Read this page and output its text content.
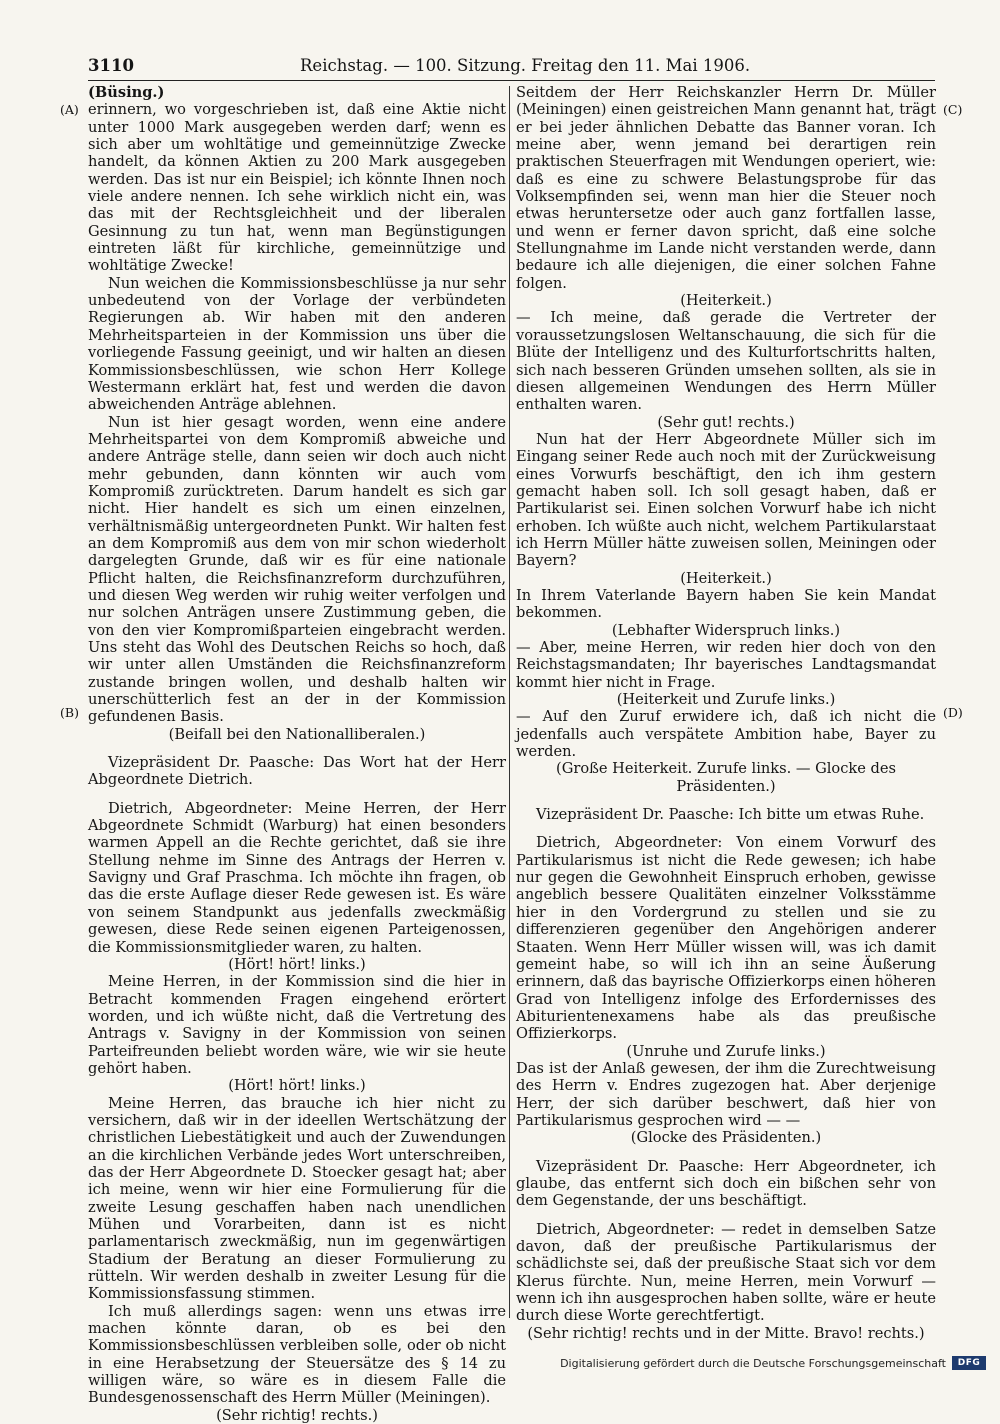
3110	Reichstag. — 100. Sitzung. Freitag den 11. Mai 1906.
(A)
(B)
(C)
(D)

(Büsing.)

erinnern, wo vorgeschrieben ist, daß eine Aktie nicht unter 1000 Mark ausgegeben werden darf; wenn es sich aber um wohltätige und gemeinnützige Zwecke handelt, da können Aktien zu 200 Mark ausgegeben werden. Das ist nur ein Beispiel; ich könnte Ihnen noch viele andere nennen. Ich sehe wirklich nicht ein, was das mit der Rechtsgleichheit und der liberalen Gesinnung zu tun hat, wenn man Begünstigungen eintreten läßt für kirchliche, gemeinnützige und wohltätige Zwecke!

Nun weichen die Kommissionsbeschlüsse ja nur sehr unbedeutend von der Vorlage der verbündeten Regierungen ab. Wir haben mit den anderen Mehrheitsparteien in der Kommission uns über die vorliegende Fassung geeinigt, und wir halten an diesen Kommissionsbeschlüssen, wie schon Herr Kollege Westermann erklärt hat, fest und werden die davon abweichenden Anträge ablehnen.

Nun ist hier gesagt worden, wenn eine andere Mehrheitspartei von dem Kompromiß abweiche und andere Anträge stelle, dann seien wir doch auch nicht mehr gebunden, dann könnten wir auch vom Kompromiß zurücktreten. Darum handelt es sich gar nicht. Hier handelt es sich um einen einzelnen, verhältnismäßig untergeordneten Punkt. Wir halten fest an dem Kompromiß aus dem von mir schon wiederholt dargelegten Grunde, daß wir es für eine nationale Pflicht halten, die Reichsfinanzreform durchzuführen, und diesen Weg werden wir ruhig weiter verfolgen und nur solchen Anträgen unsere Zustimmung geben, die von den vier Kompromißparteien eingebracht werden. Uns steht das Wohl des Deutschen Reichs so hoch, daß wir unter allen Umständen die Reichsfinanzreform zustande bringen wollen, und deshalb halten wir unerschütterlich fest an der in der Kommission gefundenen Basis.

(Beifall bei den Nationalliberalen.)

Vizepräsident Dr. Paasche: Das Wort hat der Herr Abgeordnete Dietrich.

Dietrich, Abgeordneter: Meine Herren, der Herr Abgeordnete Schmidt (Warburg) hat einen besonders warmen Appell an die Rechte gerichtet, daß sie ihre Stellung nehme im Sinne des Antrags der Herren v. Savigny und Graf Praschma. Ich möchte ihn fragen, ob das die erste Auflage dieser Rede gewesen ist. Es wäre von seinem Standpunkt aus jedenfalls zweckmäßig gewesen, diese Rede seinen eigenen Parteigenossen, die Kommissionsmitglieder waren, zu halten.

(Hört! hört! links.)

Meine Herren, in der Kommission sind die hier in Betracht kommenden Fragen eingehend erörtert worden, und ich wüßte nicht, daß die Vertretung des Antrags v. Savigny in der Kommission von seinen Parteifreunden beliebt worden wäre, wie wir sie heute gehört haben.

(Hört! hört! links.)

Meine Herren, das brauche ich hier nicht zu versichern, daß wir in der ideellen Wertschätzung der christlichen Liebestätigkeit und auch der Zuwendungen an die kirchlichen Verbände jedes Wort unterschreiben, das der Herr Abgeordnete D. Stoecker gesagt hat; aber ich meine, wenn wir hier eine Formulierung für die zweite Lesung geschaffen haben nach unendlichen Mühen und Vorarbeiten, dann ist es nicht parlamentarisch zweckmäßig, nun im gegenwärtigen Stadium der Beratung an dieser Formulierung zu rütteln. Wir werden deshalb in zweiter Lesung für die Kommissionsfassung stimmen.

Ich muß allerdings sagen: wenn uns etwas irre machen könnte daran, ob es bei den Kommissionsbeschlüssen verbleiben solle, oder ob nicht in eine Herabsetzung der Steuersätze des § 14 zu willigen wäre, so wäre es in diesem Falle die Bundesgenossenschaft des Herrn Müller (Meiningen).

(Sehr richtig! rechts.)

Seitdem der Herr Reichskanzler Herrn Dr. Müller (Meiningen) einen geistreichen Mann genannt hat, trägt er bei jeder ähnlichen Debatte das Banner voran. Ich meine aber, wenn jemand bei derartigen rein praktischen Steuerfragen mit Wendungen operiert, wie: daß es eine zu schwere Belastungsprobe für das Volksempfinden sei, wenn man hier die Steuer noch etwas heruntersetze oder auch ganz fortfallen lasse, und wenn er ferner davon spricht, daß eine solche Stellungnahme im Lande nicht verstanden werde, dann bedaure ich alle diejenigen, die einer solchen Fahne folgen.

(Heiterkeit.)

— Ich meine, daß gerade die Vertreter der voraussetzungslosen Weltanschauung, die sich für die Blüte der Intelligenz und des Kulturfortschritts halten, sich nach besseren Gründen umsehen sollten, als sie in diesen allgemeinen Wendungen des Herrn Müller enthalten waren.

(Sehr gut! rechts.)

Nun hat der Herr Abgeordnete Müller sich im Eingang seiner Rede auch noch mit der Zurückweisung eines Vorwurfs beschäftigt, den ich ihm gestern gemacht haben soll. Ich soll gesagt haben, daß er Partikularist sei. Einen solchen Vorwurf habe ich nicht erhoben. Ich wüßte auch nicht, welchem Partikularstaat ich Herrn Müller hätte zuweisen sollen, Meiningen oder Bayern?

(Heiterkeit.)

In Ihrem Vaterlande Bayern haben Sie kein Mandat bekommen.

(Lebhafter Widerspruch links.)

— Aber, meine Herren, wir reden hier doch von den Reichstagsmandaten; Ihr bayerisches Landtagsmandat kommt hier nicht in Frage.

(Heiterkeit und Zurufe links.)

— Auf den Zuruf erwidere ich, daß ich nicht die jedenfalls auch verspätete Ambition habe, Bayer zu werden.

(Große Heiterkeit. Zurufe links. — Glocke des Präsidenten.)

Vizepräsident Dr. Paasche: Ich bitte um etwas Ruhe.

Dietrich, Abgeordneter: Von einem Vorwurf des Partikularismus ist nicht die Rede gewesen; ich habe nur gegen die Gewohnheit Einspruch erhoben, gewisse angeblich bessere Qualitäten einzelner Volksstämme hier in den Vordergrund zu stellen und sie zu differenzieren gegenüber den Angehörigen anderer Staaten. Wenn Herr Müller wissen will, was ich damit gemeint habe, so will ich ihn an seine Äußerung erinnern, daß das bayrische Offizierkorps einen höheren Grad von Intelligenz infolge des Erfordernisses des Abiturientenexamens habe als das preußische Offizierkorps.

(Unruhe und Zurufe links.)

Das ist der Anlaß gewesen, der ihm die Zurechtweisung des Herrn v. Endres zugezogen hat. Aber derjenige Herr, der sich darüber beschwert, daß hier von Partikularismus gesprochen wird — —

(Glocke des Präsidenten.)

Vizepräsident Dr. Paasche: Herr Abgeordneter, ich glaube, das entfernt sich doch ein bißchen sehr von dem Gegenstande, der uns beschäftigt.

Dietrich, Abgeordneter: — redet in demselben Satze davon, daß der preußische Partikularismus der schädlichste sei, daß der preußische Staat sich vor dem Klerus fürchte. Nun, meine Herren, mein Vorwurf — wenn ich ihn ausgesprochen haben sollte, wäre er heute durch diese Worte gerechtfertigt.

(Sehr richtig! rechts und in der Mitte. Bravo! rechts.)

Digitalisierung gefördert durch die Deutsche Forschungsgemeinschaft	DFG
